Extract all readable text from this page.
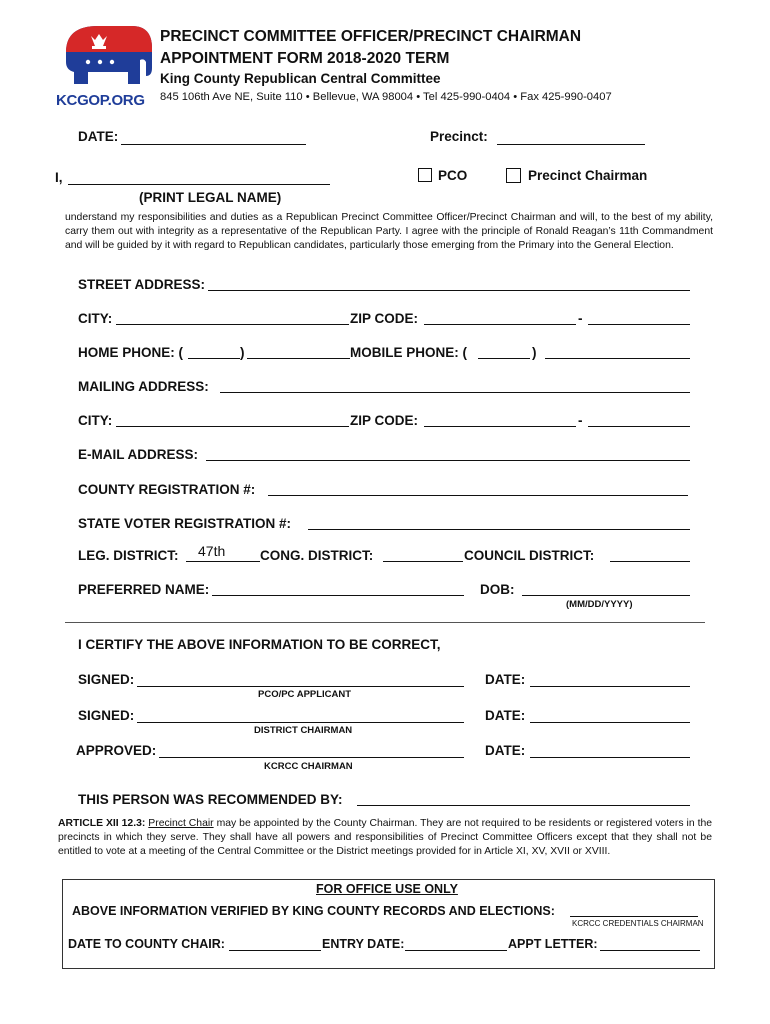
KCGOP.ORG
PRECINCT COMMITTEE OFFICER/PRECINCT CHAIRMAN
APPOINTMENT FORM 2018-2020 TERM
King County Republican Central Committee
845 106th Ave NE, Suite 110 • Bellevue, WA 98004 • Tel 425-990-0404 • Fax 425-990-0407
DATE:	Precinct:
I,	PCO	Precinct Chairman
(PRINT LEGAL NAME)
understand my responsibilities and duties as a Republican Precinct Committee Officer/Precinct Chairman and will, to the best of my ability, carry them out with integrity as a representative of the Republican Party. I agree with the principle of Ronald Reagan’s 11th Commandment and will be guided by it with regard to Republican candidates, particularly those emerging from the Primary into the General Election.
STREET ADDRESS:
CITY:	ZIP CODE:	-
HOME PHONE: (	)	MOBILE PHONE: (	)
MAILING ADDRESS:
CITY:	ZIP CODE:	-
E-MAIL ADDRESS:
COUNTY REGISTRATION #:
STATE VOTER REGISTRATION #:
LEG. DISTRICT: 47th	CONG. DISTRICT:	COUNCIL DISTRICT:
PREFERRED NAME:	DOB:
(MM/DD/YYYY)
I CERTIFY THE ABOVE INFORMATION TO BE CORRECT,
SIGNED:
PCO/PC APPLICANT
DATE:
SIGNED:
DISTRICT CHAIRMAN
DATE:
APPROVED:
KCRCC CHAIRMAN
DATE:
THIS PERSON WAS RECOMMENDED BY:
ARTICLE XII 12.3: Precinct Chair may be appointed by the County Chairman. They are not required to be residents or registered voters in the precincts in which they serve. They shall have all powers and responsibilities of Precinct Committee Officers except that they shall not be entitled to vote at a meeting of the Central Committee or the District meetings provided for in Article XI, XV, XVII or XVIII.
FOR OFFICE USE ONLY
ABOVE INFORMATION VERIFIED BY KING COUNTY RECORDS AND ELECTIONS:
KCRCC CREDENTIALS CHAIRMAN
DATE TO COUNTY CHAIR:	ENTRY DATE:	APPT LETTER:
